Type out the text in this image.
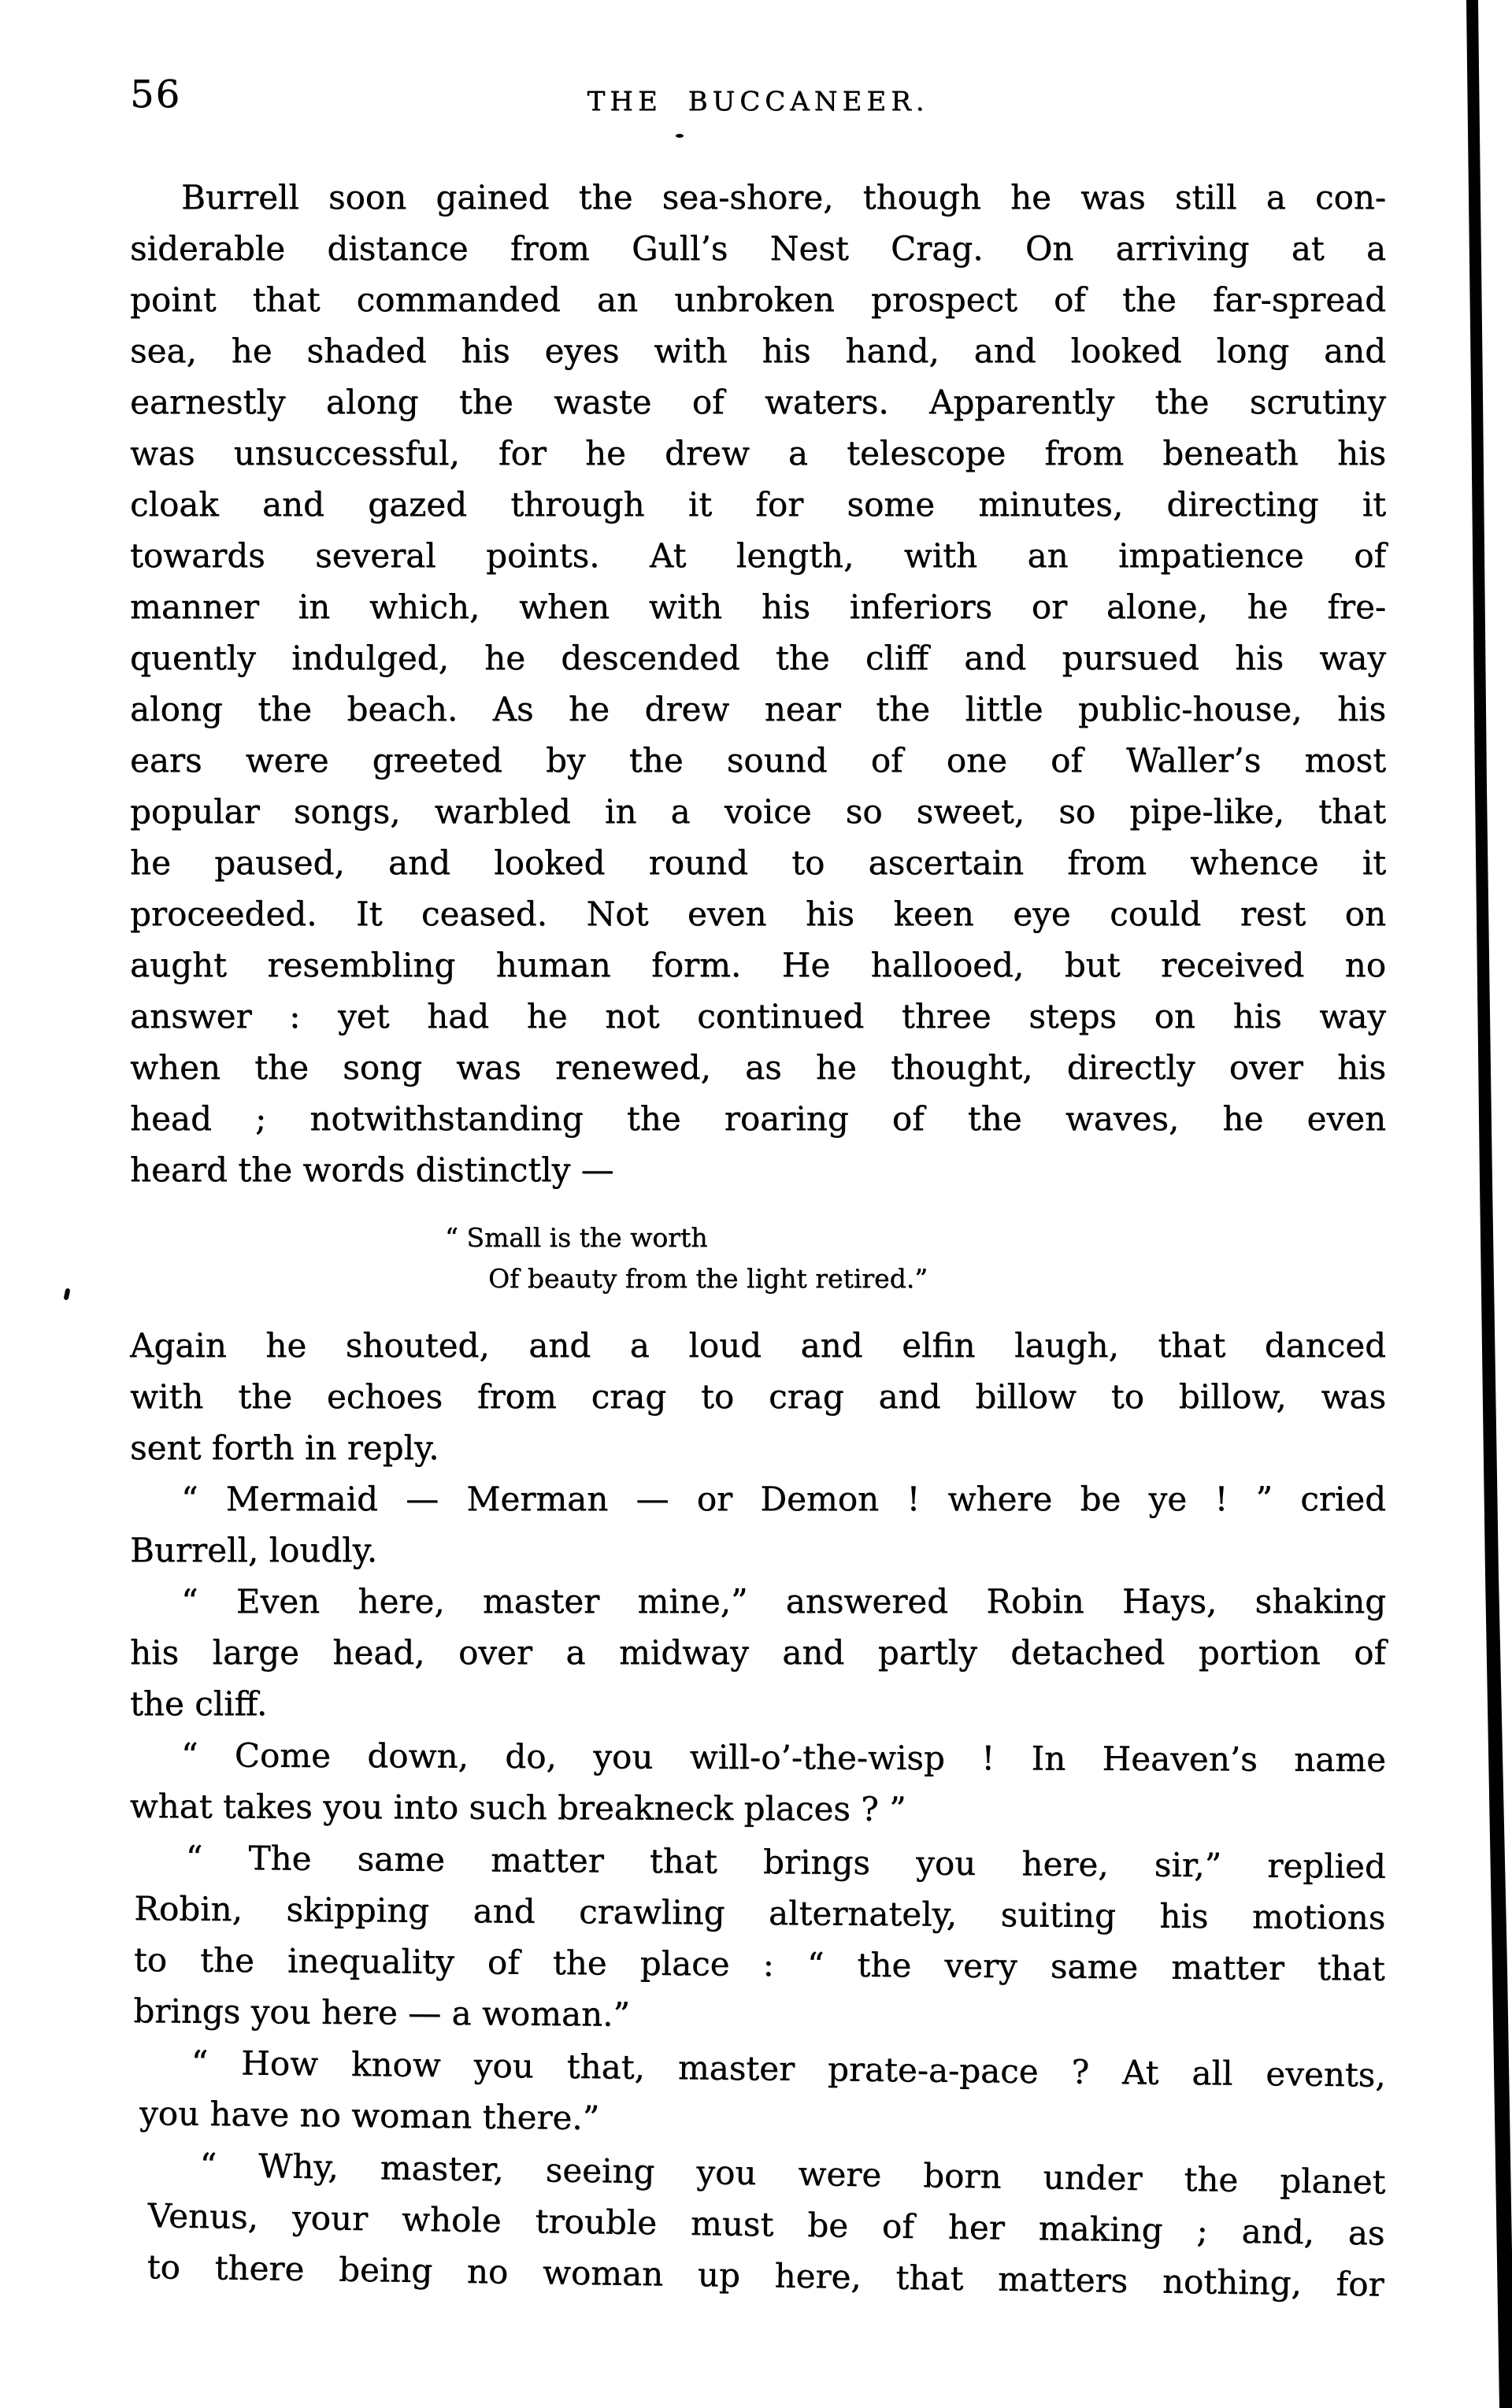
56	THE BUCCANEER.
Burrell soon gained the sea-shore, though he was still a con-
siderable distance from Gull’s Nest Crag. On arriving at a
point that commanded an unbroken prospect of the far-spread
sea, he shaded his eyes with his hand, and looked long and
earnestly along the waste of waters. Apparently the scrutiny
was unsuccessful, for he drew a telescope from beneath his
cloak and gazed through it for some minutes, directing it
towards several points. At length, with an impatience of
manner in which, when with his inferiors or alone, he fre-
quently indulged, he descended the cliff and pursued his way
along the beach. As he drew near the little public-house, his
ears were greeted by the sound of one of Waller’s most
popular songs, warbled in a voice so sweet, so pipe-like, that
he paused, and looked round to ascertain from whence it
proceeded. It ceased. Not even his keen eye could rest on
aught resembling human form. He hallooed, but received no
answer : yet had he not continued three steps on his way
when the song was renewed, as he thought, directly over his
head ; notwithstanding the roaring of the waves, he even
heard the words distinctly —
“ Small is the worth
Of beauty from the light retired.”
Again he shouted, and a loud and elfin laugh, that danced
with the echoes from crag to crag and billow to billow, was
sent forth in reply.
“ Mermaid — Merman — or Demon ! where be ye ! ” cried
Burrell, loudly.
“ Even here, master mine,” answered Robin Hays, shaking
his large head, over a midway and partly detached portion of
the cliff.
“ Come down, do, you will-o’-the-wisp ! In Heaven’s name
what takes you into such breakneck places ? ”
“ The same matter that brings you here, sir,” replied
Robin, skipping and crawling alternately, suiting his motions
to the inequality of the place : “ the very same matter that
brings you here — a woman.”
“ How know you that, master prate-a-pace ? At all events,
you have no woman there.”
“ Why, master, seeing you were born under the planet
Venus, your whole trouble must be of her making ; and, as
to there being no woman up here, that matters nothing, for
